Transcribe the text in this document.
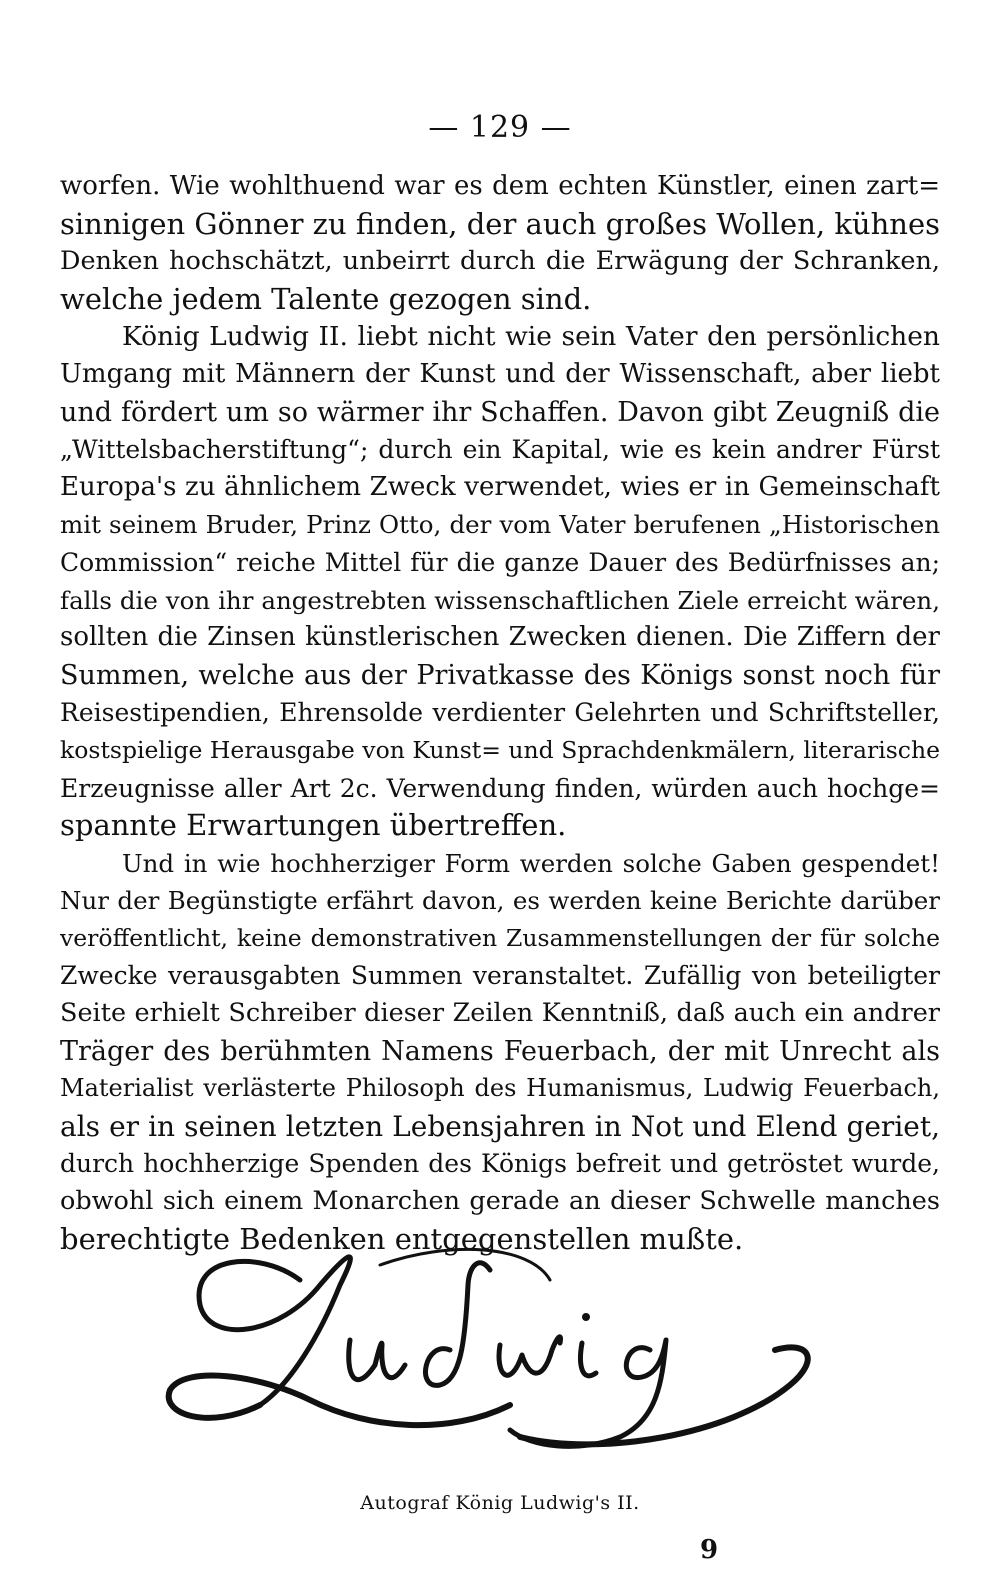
— 129 —
worfen. Wie wohlthuend war es dem echten Künstler, einen zart=
sinnigen Gönner zu finden, der auch großes Wollen, kühnes
Denken hochschätzt, unbeirrt durch die Erwägung der Schranken,
welche jedem Talente gezogen sind.
König Ludwig II. liebt nicht wie sein Vater den persönlichen
Umgang mit Männern der Kunst und der Wissenschaft, aber liebt
und fördert um so wärmer ihr Schaffen. Davon gibt Zeugniß die
„Wittelsbacherstiftung“; durch ein Kapital, wie es kein andrer Fürst
Europa's zu ähnlichem Zweck verwendet, wies er in Gemeinschaft
mit seinem Bruder, Prinz Otto, der vom Vater berufenen „Historischen
Commission“ reiche Mittel für die ganze Dauer des Bedürfnisses an;
falls die von ihr angestrebten wissenschaftlichen Ziele erreicht wären,
sollten die Zinsen künstlerischen Zwecken dienen. Die Ziffern der
Summen, welche aus der Privatkasse des Königs sonst noch für
Reisestipendien, Ehrensolde verdienter Gelehrten und Schriftsteller,
kostspielige Herausgabe von Kunst= und Sprachdenkmälern, literarische
Erzeugnisse aller Art 2c. Verwendung finden, würden auch hochge=
spannte Erwartungen übertreffen.
Und in wie hochherziger Form werden solche Gaben gespendet!
Nur der Begünstigte erfährt davon, es werden keine Berichte darüber
veröffentlicht, keine demonstrativen Zusammenstellungen der für solche
Zwecke verausgabten Summen veranstaltet. Zufällig von beteiligter
Seite erhielt Schreiber dieser Zeilen Kenntniß, daß auch ein andrer
Träger des berühmten Namens Feuerbach, der mit Unrecht als
Materialist verlästerte Philosoph des Humanismus, Ludwig Feuerbach,
als er in seinen letzten Lebensjahren in Not und Elend geriet,
durch hochherzige Spenden des Königs befreit und getröstet wurde,
obwohl sich einem Monarchen gerade an dieser Schwelle manches
berechtigte Bedenken entgegenstellen mußte.
Autograf König Ludwig's II.
9
